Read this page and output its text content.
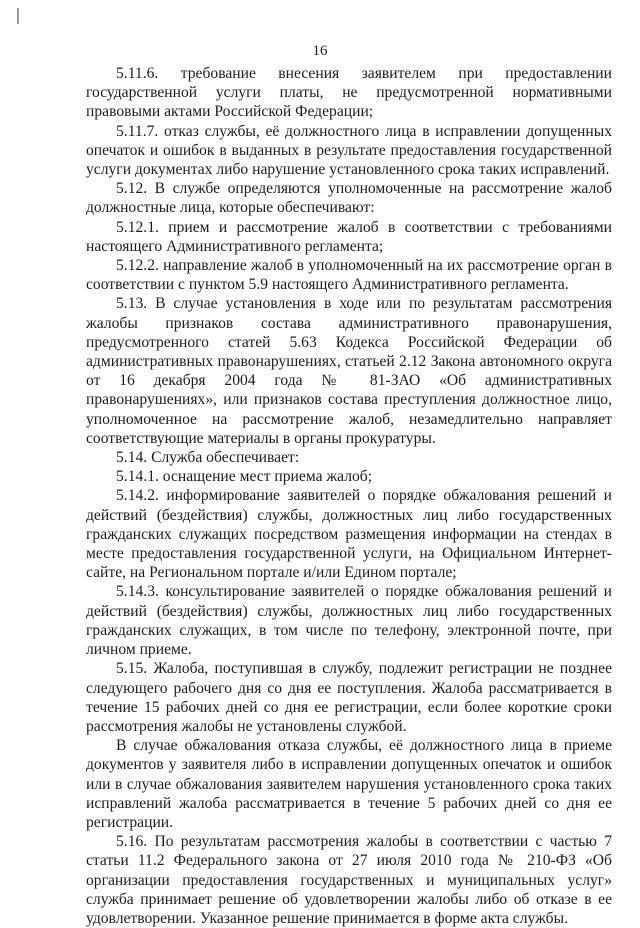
16

5.11.6. требование внесения заявителем при предоставлении государственной услуги платы, не предусмотренной нормативными правовыми актами Российской Федерации;

5.11.7. отказ службы, её должностного лица в исправлении допущенных опечаток и ошибок в выданных в результате предоставления государственной услуги документах либо нарушение установленного срока таких исправлений.

5.12. В службе определяются уполномоченные на рассмотрение жалоб должностные лица, которые обеспечивают:

5.12.1. прием и рассмотрение жалоб в соответствии с требованиями настоящего Административного регламента;

5.12.2. направление жалоб в уполномоченный на их рассмотрение орган в соответствии с пунктом 5.9 настоящего Административного регламента.

5.13. В случае установления в ходе или по результатам рассмотрения жалобы признаков состава административного правонарушения, предусмотренного статей 5.63 Кодекса Российской Федерации об административных правонарушениях, статьей 2.12 Закона автономного округа от 16 декабря 2004 года № 81-ЗАО «Об административных правонарушениях», или признаков состава преступления должностное лицо, уполномоченное на рассмотрение жалоб, незамедлительно направляет соответствующие материалы в органы прокуратуры.

5.14. Служба обеспечивает:

5.14.1. оснащение мест приема жалоб;

5.14.2. информирование заявителей о порядке обжалования решений и действий (бездействия) службы, должностных лиц либо государственных гражданских служащих посредством размещения информации на стендах в месте предоставления государственной услуги, на Официальном Интернет-сайте, на Региональном портале и/или Едином портале;

5.14.3. консультирование заявителей о порядке обжалования решений и действий (бездействия) службы, должностных лиц либо государственных гражданских служащих, в том числе по телефону, электронной почте, при личном приеме.

5.15. Жалоба, поступившая в службу, подлежит регистрации не позднее следующего рабочего дня со дня ее поступления. Жалоба рассматривается в течение 15 рабочих дней со дня ее регистрации, если более короткие сроки рассмотрения жалобы не установлены службой.

В случае обжалования отказа службы, её должностного лица в приеме документов у заявителя либо в исправлении допущенных опечаток и ошибок или в случае обжалования заявителем нарушения установленного срока таких исправлений жалоба рассматривается в течение 5 рабочих дней со дня ее регистрации.

5.16. По результатам рассмотрения жалобы в соответствии с частью 7 статьи 11.2 Федерального закона от 27 июля 2010 года № 210-ФЗ «Об организации предоставления государственных и муниципальных услуг» служба принимает решение об удовлетворении жалобы либо об отказе в ее удовлетворении. Указанное решение принимается в форме акта службы.
